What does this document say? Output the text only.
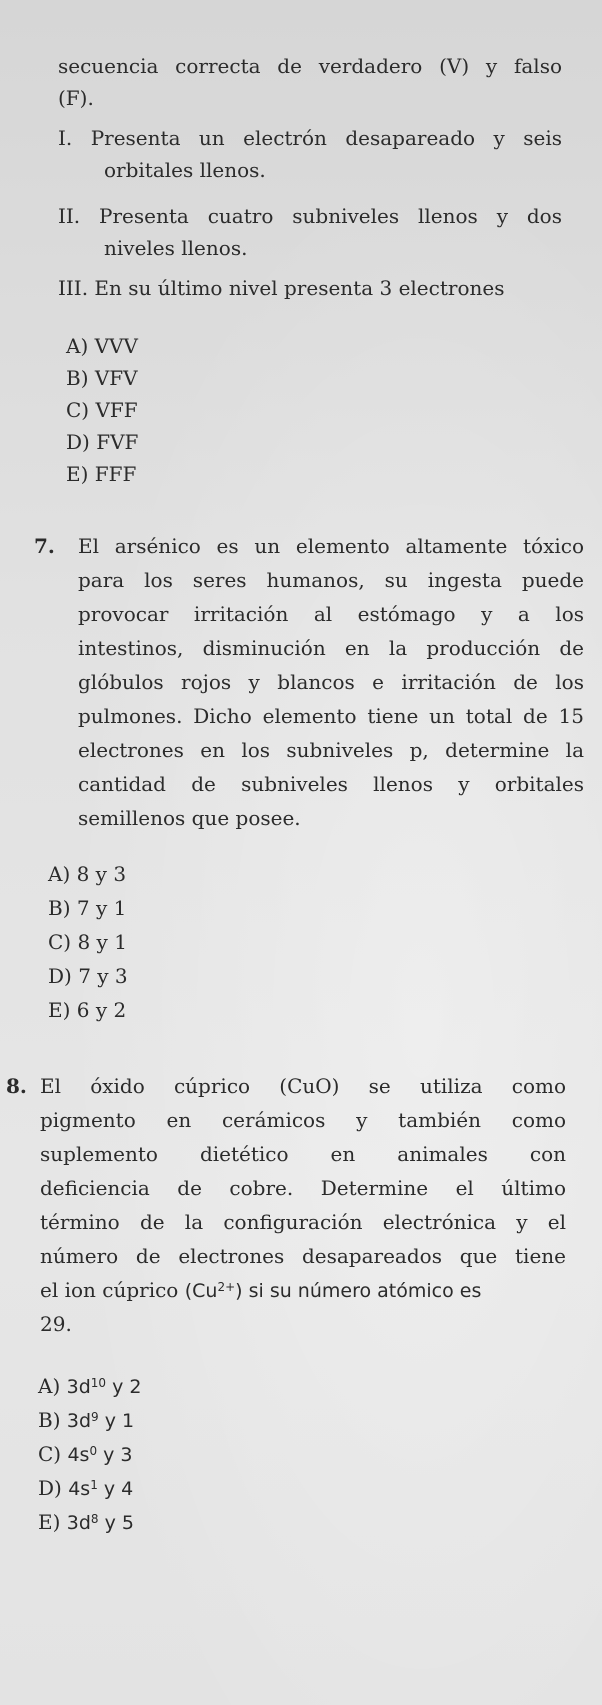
secuencia correcta de verdadero (V) y falso
(F).
I. Presenta un electrón desapareado y seis
orbitales llenos.
II. Presenta cuatro subniveles llenos y dos
niveles llenos.
III. En su último nivel presenta 3 electrones
A) VVV
B) VFV
C) VFF
D) FVF
E) FFF
7. El arsénico es un elemento altamente tóxico
para los seres humanos, su ingesta puede
provocar irritación al estómago y a los
intestinos, disminución en la producción de
glóbulos rojos y blancos e irritación de los
pulmones. Dicho elemento tiene un total de 15
electrones en los subniveles p, determine la
cantidad de subniveles llenos y orbitales
semillenos que posee.
A) 8 y 3
B) 7 y 1
C) 8 y 1
D) 7 y 3
E) 6 y 2
8. El óxido cúprico (CuO) se utiliza como
pigmento en cerámicos y también como
suplemento dietético en animales con
deficiencia de cobre. Determine el último
término de la configuración electrónica y el
número de electrones desapareados que tiene
el ion cúprico $(Cu^{2+})$ si su número atómico es
29.
A) $3d^{10}$ y 2
B) $3d^9$ y 1
C) $4s^0$ y 3
D) $4s^1$ y 4
E) $3d^8$ y 5
